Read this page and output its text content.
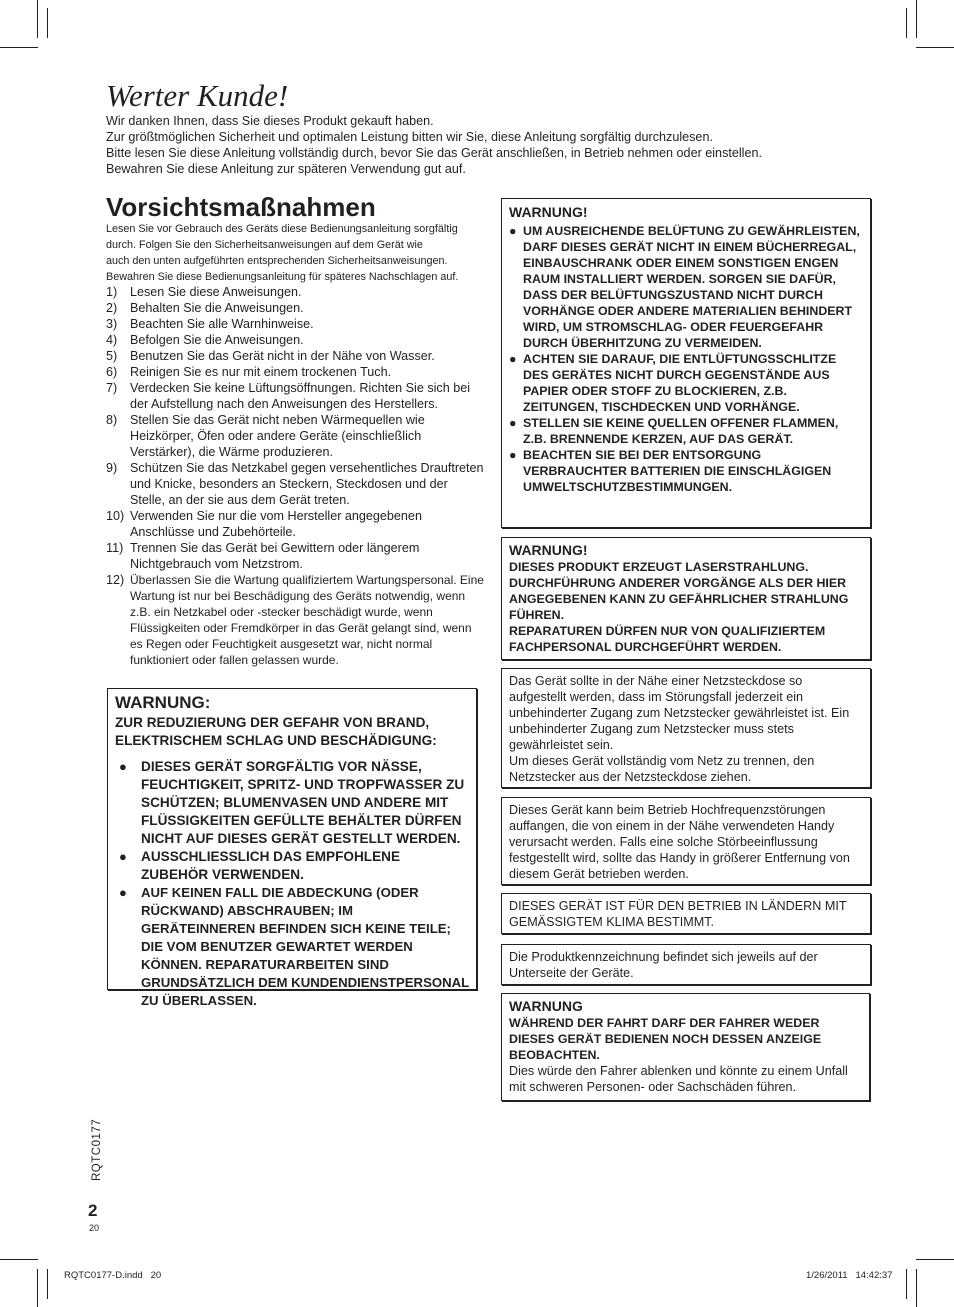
Werter Kunde!
Wir danken Ihnen, dass Sie dieses Produkt gekauft haben.
Zur größtmöglichen Sicherheit und optimalen Leistung bitten wir Sie, diese Anleitung sorgfältig durchzulesen.
Bitte lesen Sie diese Anleitung vollständig durch, bevor Sie das Gerät anschließen, in Betrieb nehmen oder einstellen.
Bewahren Sie diese Anleitung zur späteren Verwendung gut auf.
Vorsichtsmaßnahmen
Lesen Sie vor Gebrauch des Geräts diese Bedienungsanleitung sorgfältig
durch. Folgen Sie den Sicherheitsanweisungen auf dem Gerät wie
auch den unten aufgeführten entsprechenden Sicherheitsanweisungen.
Bewahren Sie diese Bedienungsanleitung für späteres Nachschlagen auf.
1) Lesen Sie diese Anweisungen.
2) Behalten Sie die Anweisungen.
3) Beachten Sie alle Warnhinweise.
4) Befolgen Sie die Anweisungen.
5) Benutzen Sie das Gerät nicht in der Nähe von Wasser.
6) Reinigen Sie es nur mit einem trockenen Tuch.
7) Verdecken Sie keine Lüftungsöffnungen. Richten Sie sich bei der Aufstellung nach den Anweisungen des Herstellers.
8) Stellen Sie das Gerät nicht neben Wärmequellen wie Heizkörper, Öfen oder andere Geräte (einschließlich Verstärker), die Wärme produzieren.
9) Schützen Sie das Netzkabel gegen versehentliches Drauftreten und Knicke, besonders an Steckern, Steckdosen und der Stelle, an der sie aus dem Gerät treten.
10) Verwenden Sie nur die vom Hersteller angegebenen Anschlüsse und Zubehörteile.
11) Trennen Sie das Gerät bei Gewittern oder längerem Nichtgebrauch vom Netzstrom.
12) Überlassen Sie die Wartung qualifiziertem Wartungspersonal. Eine Wartung ist nur bei Beschädigung des Geräts notwendig, wenn z.B. ein Netzkabel oder -stecker beschädigt wurde, wenn Flüssigkeiten oder Fremdkörper in das Gerät gelangt sind, wenn es Regen oder Feuchtigkeit ausgesetzt war, nicht normal funktioniert oder fallen gelassen wurde.
WARNUNG:
ZUR REDUZIERUNG DER GEFAHR VON BRAND, ELEKTRISCHEM SCHLAG UND BESCHÄDIGUNG:
● DIESES GERÄT SORGFÄLTIG VOR NÄSSE, FEUCHTIGKEIT, SPRITZ- UND TROPFWASSER ZU SCHÜTZEN; BLUMENVASEN UND ANDERE MIT FLÜSSIGKEITEN GEFÜLLTE BEHÄLTER DÜRFEN NICHT AUF DIESES GERÄT GESTELLT WERDEN.
● AUSSCHLIESSLICH DAS EMPFOHLENE ZUBEHÖR VERWENDEN.
● AUF KEINEN FALL DIE ABDECKUNG (ODER RÜCKWAND) ABSCHRAUBEN; IM GERÄTEINNEREN BEFINDEN SICH KEINE TEILE; DIE VOM BENUTZER GEWARTET WERDEN KÖNNEN. REPARATURARBEITEN SIND GRUNDSÄTZLICH DEM KUNDENDIENSTPERSONAL ZU ÜBERLASSEN.
WARNUNG!
● UM AUSREICHENDE BELÜFTUNG ZU GEWÄHRLEISTEN, DARF DIESES GERÄT NICHT IN EINEM BÜCHERREGAL, EINBAUSCHRANK ODER EINEM SONSTIGEN ENGEN RAUM INSTALLIERT WERDEN. SORGEN SIE DAFÜR, DASS DER BELÜFTUNGSZUSTAND NICHT DURCH VORHÄNGE ODER ANDERE MATERIALIEN BEHINDERT WIRD, UM STROMSCHLAG- ODER FEUERGEFAHR DURCH ÜBERHITZUNG ZU VERMEIDEN.
● ACHTEN SIE DARAUF, DIE ENTLÜFTUNGSSCHLITZE DES GERÄTES NICHT DURCH GEGENSTÄNDE AUS PAPIER ODER STOFF ZU BLOCKIEREN, Z.B. ZEITUNGEN, TISCHDECKEN UND VORHÄNGE.
● STELLEN SIE KEINE QUELLEN OFFENER FLAMMEN, Z.B. BRENNENDE KERZEN, AUF DAS GERÄT.
● BEACHTEN SIE BEI DER ENTSORGUNG VERBRAUCHTER BATTERIEN DIE EINSCHLÄGIGEN UMWELTSCHUTZBESTIMMUNGEN.
WARNUNG!
DIESES PRODUKT ERZEUGT LASERSTRAHLUNG. DURCHFÜHRUNG ANDERER VORGÄNGE ALS DER HIER ANGEGEBENEN KANN ZU GEFÄHRLICHER STRAHLUNG FÜHREN.
REPARATUREN DÜRFEN NUR VON QUALIFIZIERTEM FACHPERSONAL DURCHGEFÜHRT WERDEN.
Das Gerät sollte in der Nähe einer Netzsteckdose so aufgestellt werden, dass im Störungsfall jederzeit ein unbehinderter Zugang zum Netzstecker gewährleistet ist. Ein unbehinderter Zugang zum Netzstecker muss stets gewährleistet sein.
Um dieses Gerät vollständig vom Netz zu trennen, den Netzstecker aus der Netzsteckdose ziehen.
Dieses Gerät kann beim Betrieb Hochfrequenzstörungen auffangen, die von einem in der Nähe verwendeten Handy verursacht werden. Falls eine solche Störbeeinflussung festgestellt wird, sollte das Handy in größerer Entfernung von diesem Gerät betrieben werden.
DIESES GERÄT IST FÜR DEN BETRIEB IN LÄNDERN MIT GEMÄSSIGTEM KLIMA BESTIMMT.
Die Produktkennzeichnung befindet sich jeweils auf der Unterseite der Geräte.
WARNUNG
WÄHREND DER FAHRT DARF DER FAHRER WEDER DIESES GERÄT BEDIENEN NOCH DESSEN ANZEIGE BEOBACHTEN.
Dies würde den Fahrer ablenken und könnte zu einem Unfall mit schweren Personen- oder Sachschäden führen.
RQTC0177
2
20
RQTC0177-D.indd   20	1/26/2011   14:42:37
